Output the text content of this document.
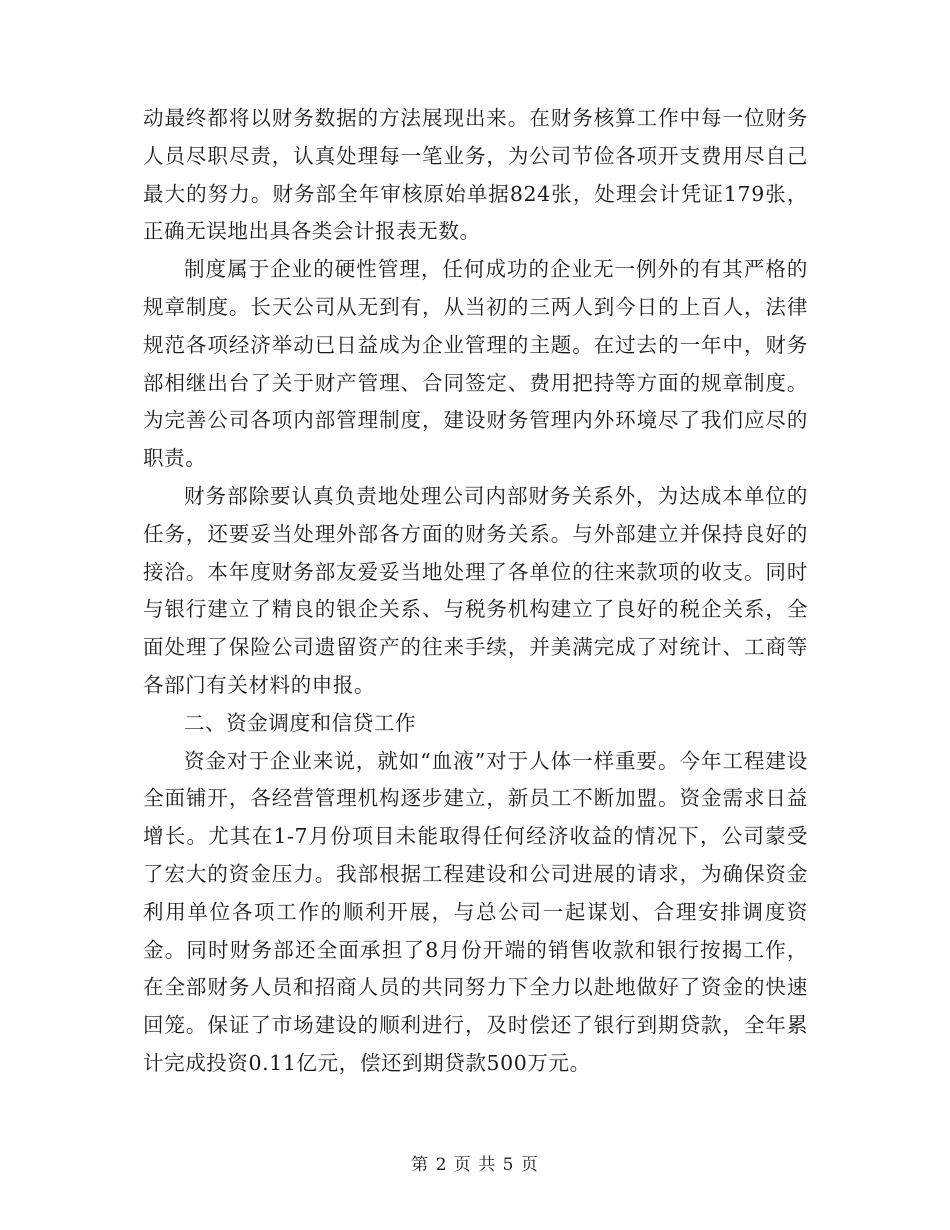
动最终都将以财务数据的方法展现出来。在财务核算工作中每一位财务人员尽职尽责，认真处理每一笔业务，为公司节俭各项开支费用尽自己最大的努力。财务部全年审核原始单据824张，处理会计凭证179张，正确无误地出具各类会计报表无数。

制度属于企业的硬性管理，任何成功的企业无一例外的有其严格的规章制度。长天公司从无到有，从当初的三两人到今日的上百人，法律规范各项经济举动已日益成为企业管理的主题。在过去的一年中，财务部相继出台了关于财产管理、合同签定、费用把持等方面的规章制度。为完善公司各项内部管理制度，建设财务管理内外环境尽了我们应尽的职责。

财务部除要认真负责地处理公司内部财务关系外，为达成本单位的任务，还要妥当处理外部各方面的财务关系。与外部建立并保持良好的接洽。本年度财务部友爱妥当地处理了各单位的往来款项的收支。同时与银行建立了精良的银企关系、与税务机构建立了良好的税企关系，全面处理了保险公司遗留资产的往来手续，并美满完成了对统计、工商等各部门有关材料的申报。

二、资金调度和信贷工作

资金对于企业来说，就如“血液”对于人体一样重要。今年工程建设全面铺开，各经营管理机构逐步建立，新员工不断加盟。资金需求日益增长。尤其在1-7月份项目未能取得任何经济收益的情况下，公司蒙受了宏大的资金压力。我部根据工程建设和公司进展的请求，为确保资金利用单位各项工作的顺利开展，与总公司一起谋划、合理安排调度资金。同时财务部还全面承担了8月份开端的销售收款和银行按揭工作，在全部财务人员和招商人员的共同努力下全力以赴地做好了资金的快速回笼。保证了市场建设的顺利进行，及时偿还了银行到期贷款，全年累计完成投资0.11亿元，偿还到期贷款500万元。

第 2 页 共 5 页
